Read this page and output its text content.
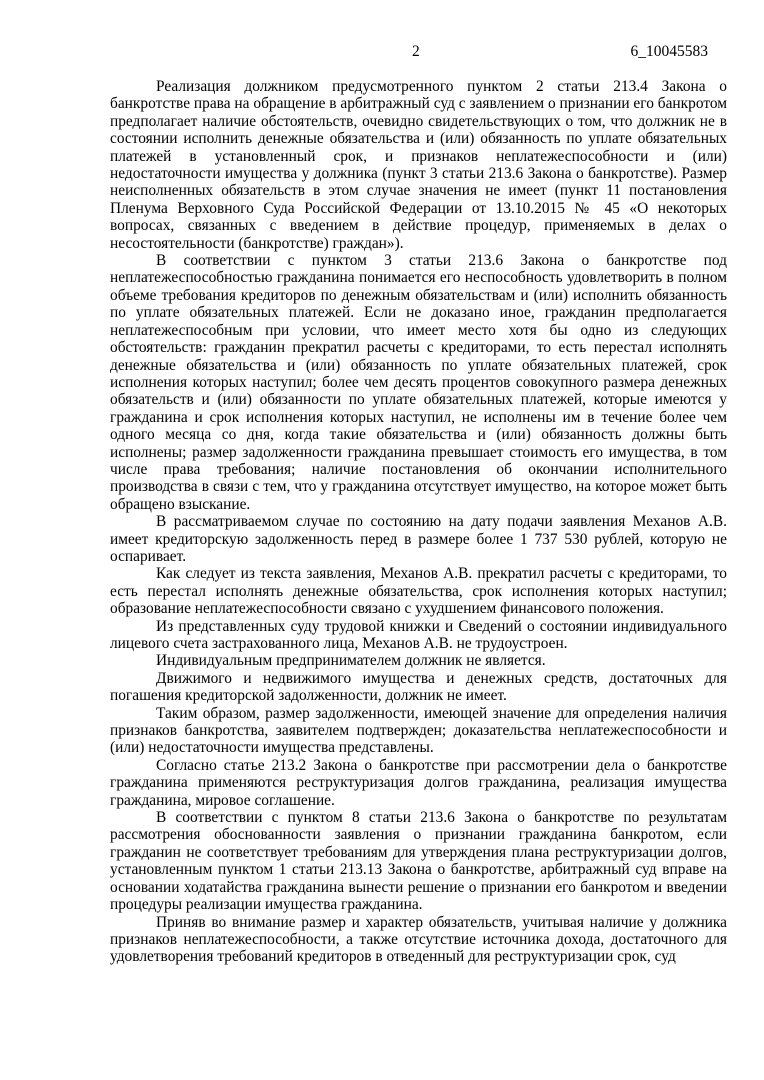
2	6_10045583

Реализация должником предусмотренного пунктом 2 статьи 213.4 Закона о банкротстве права на обращение в арбитражный суд с заявлением о признании его банкротом предполагает наличие обстоятельств, очевидно свидетельствующих о том, что должник не в состоянии исполнить денежные обязательства и (или) обязанность по уплате обязательных платежей в установленный срок, и признаков неплатежеспособности и (или) недостаточности имущества у должника (пункт 3 статьи 213.6 Закона о банкротстве). Размер неисполненных обязательств в этом случае значения не имеет (пункт 11 постановления Пленума Верховного Суда Российской Федерации от 13.10.2015 № 45 «О некоторых вопросах, связанных с введением в действие процедур, применяемых в делах о несостоятельности (банкротстве) граждан»).

В соответствии с пунктом 3 статьи 213.6 Закона о банкротстве под неплатежеспособностью гражданина понимается его неспособность удовлетворить в полном объеме требования кредиторов по денежным обязательствам и (или) исполнить обязанность по уплате обязательных платежей. Если не доказано иное, гражданин предполагается неплатежеспособным при условии, что имеет место хотя бы одно из следующих обстоятельств: гражданин прекратил расчеты с кредиторами, то есть перестал исполнять денежные обязательства и (или) обязанность по уплате обязательных платежей, срок исполнения которых наступил; более чем десять процентов совокупного размера денежных обязательств и (или) обязанности по уплате обязательных платежей, которые имеются у гражданина и срок исполнения которых наступил, не исполнены им в течение более чем одного месяца со дня, когда такие обязательства и (или) обязанность должны быть исполнены; размер задолженности гражданина превышает стоимость его имущества, в том числе права требования; наличие постановления об окончании исполнительного производства в связи с тем, что у гражданина отсутствует имущество, на которое может быть обращено взыскание.

В рассматриваемом случае по состоянию на дату подачи заявления Механов А.В. имеет кредиторскую задолженность перед в размере более 1 737 530 рублей, которую не оспаривает.

Как следует из текста заявления, Механов А.В. прекратил расчеты с кредиторами, то есть перестал исполнять денежные обязательства, срок исполнения которых наступил; образование неплатежеспособности связано с ухудшением финансового положения.

Из представленных суду трудовой книжки и Сведений о состоянии индивидуального лицевого счета застрахованного лица, Механов А.В. не трудоустроен.

Индивидуальным предпринимателем должник не является.

Движимого и недвижимого имущества и денежных средств, достаточных для погашения кредиторской задолженности, должник не имеет.

Таким образом, размер задолженности, имеющей значение для определения наличия признаков банкротства, заявителем подтвержден; доказательства неплатежеспособности и (или) недостаточности имущества представлены.

Согласно статье 213.2 Закона о банкротстве при рассмотрении дела о банкротстве гражданина применяются реструктуризация долгов гражданина, реализация имущества гражданина, мировое соглашение.

В соответствии с пунктом 8 статьи 213.6 Закона о банкротстве по результатам рассмотрения обоснованности заявления о признании гражданина банкротом, если гражданин не соответствует требованиям для утверждения плана реструктуризации долгов, установленным пунктом 1 статьи 213.13 Закона о банкротстве, арбитражный суд вправе на основании ходатайства гражданина вынести решение о признании его банкротом и введении процедуры реализации имущества гражданина.

Приняв во внимание размер и характер обязательств, учитывая наличие у должника признаков неплатежеспособности, а также отсутствие источника дохода, достаточного для удовлетворения требований кредиторов в отведенный для реструктуризации срок, суд
